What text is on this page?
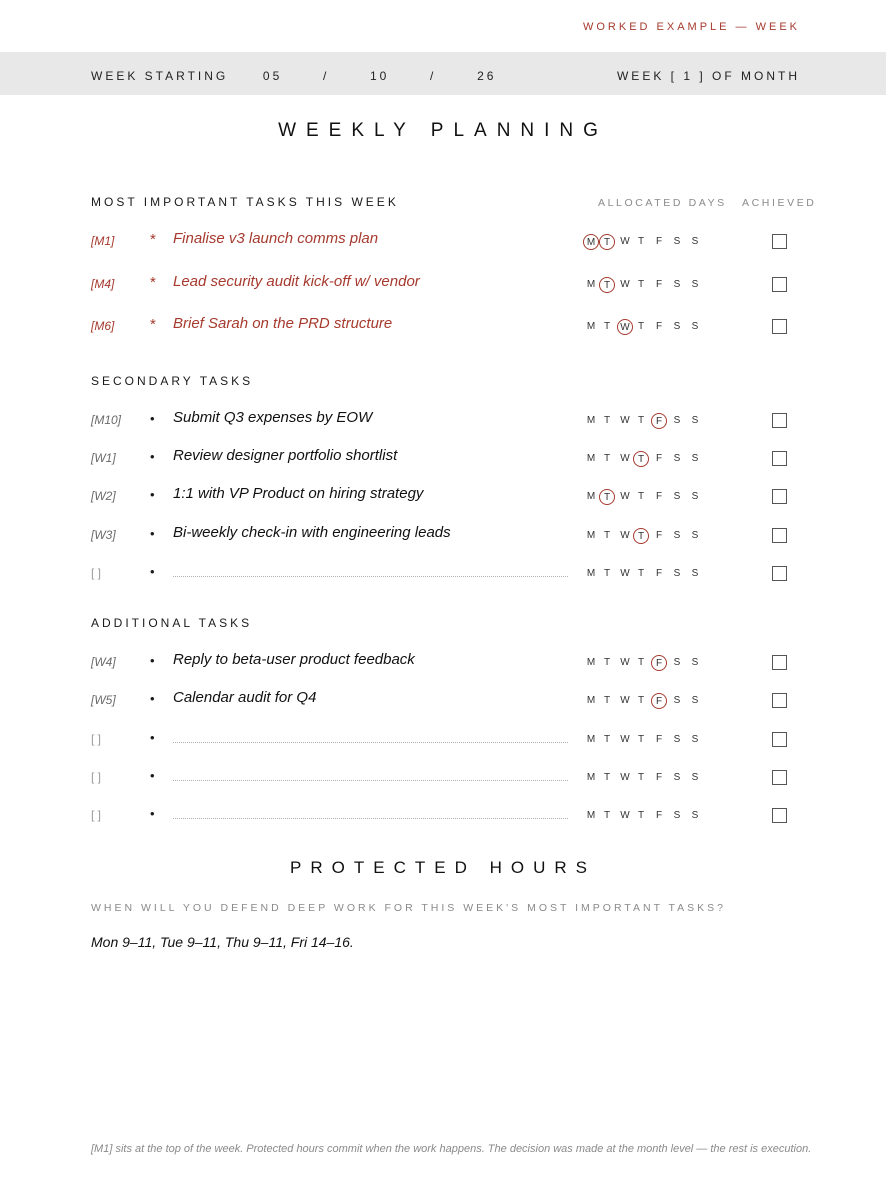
WORKED EXAMPLE — WEEK
WEEK STARTING	05	/	10	/	26	WEEK [ 1 ] OF MONTH
WEEKLY PLANNING
MOST IMPORTANT TASKS THIS WEEK	ALLOCATED DAYS ACHIEVED
[M1] * Finalise v3 launch comms plan	M T	W T	F	S	S
[M4] * Lead security audit kick-off w/ vendor	M T	W T	F	S	S
[M6] * Brief Sarah on the PRD structure	M T	W T	F	S	S
SECONDARY TASKS
[M10] • Submit Q3 expenses by EOW	M T	W T	F	S	S
[W1]	• Review designer portfolio shortlist	M T	W T	F	S	S
[W2]	• 1:1 with VP Product on hiring strategy	M T	W T	F	S	S
[W3]	• Bi-weekly check-in with engineering leads	M T	W T	F	S	S
[ ]	•	M T	W T	F	S	S
ADDITIONAL TASKS
[W4]	• Reply to beta-user product feedback	M T	W T	F	S	S
[W5]	• Calendar audit for Q4	M T	W T	F	S	S
[ ]	•	M T	W T	F	S	S
[ ]	•	M T	W T	F	S	S
[ ]	•	M T	W T	F	S	S
PROTECTED HOURS
WHEN WILL YOU DEFEND DEEP WORK FOR THIS WEEK'S MOST IMPORTANT TASKS?
Mon 9–11, Tue 9–11, Thu 9–11, Fri 14–16.
[M1] sits at the top of the week. Protected hours commit when the work happens. The decision was made at the month level — the rest is execution.
